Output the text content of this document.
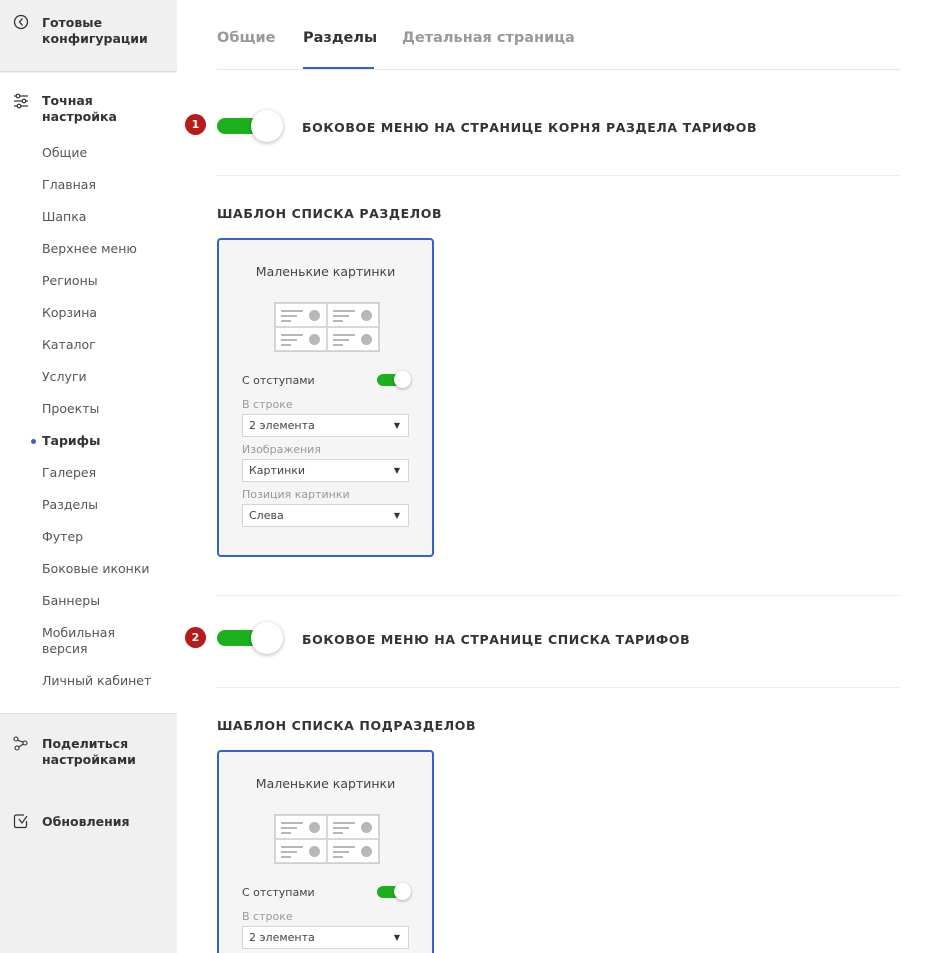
Готовые конфигурации
Точная настройка
Общие
Главная
Шапка
Верхнее меню
Регионы
Корзина
Каталог
Услуги
Проекты
Тарифы
Галерея
Разделы
Футер
Боковые иконки
Баннеры
Мобильная версия
Личный кабинет
Поделиться настройками
Обновления
Общие Разделы Детальная страница
1	БОКОВОЕ МЕНЮ НА СТРАНИЦЕ КОРНЯ РАЗДЕЛА ТАРИФОВ
ШАБЛОН СПИСКА РАЗДЕЛОВ
Маленькие картинки
С отступами
В строке
2 элемента	▼
Изображения
Картинки	▼
Позиция картинки
Слева	▼
2	БОКОВОЕ МЕНЮ НА СТРАНИЦЕ СПИСКА ТАРИФОВ
ШАБЛОН СПИСКА ПОДРАЗДЕЛОВ
Маленькие картинки
С отступами
В строке
2 элемента	▼
